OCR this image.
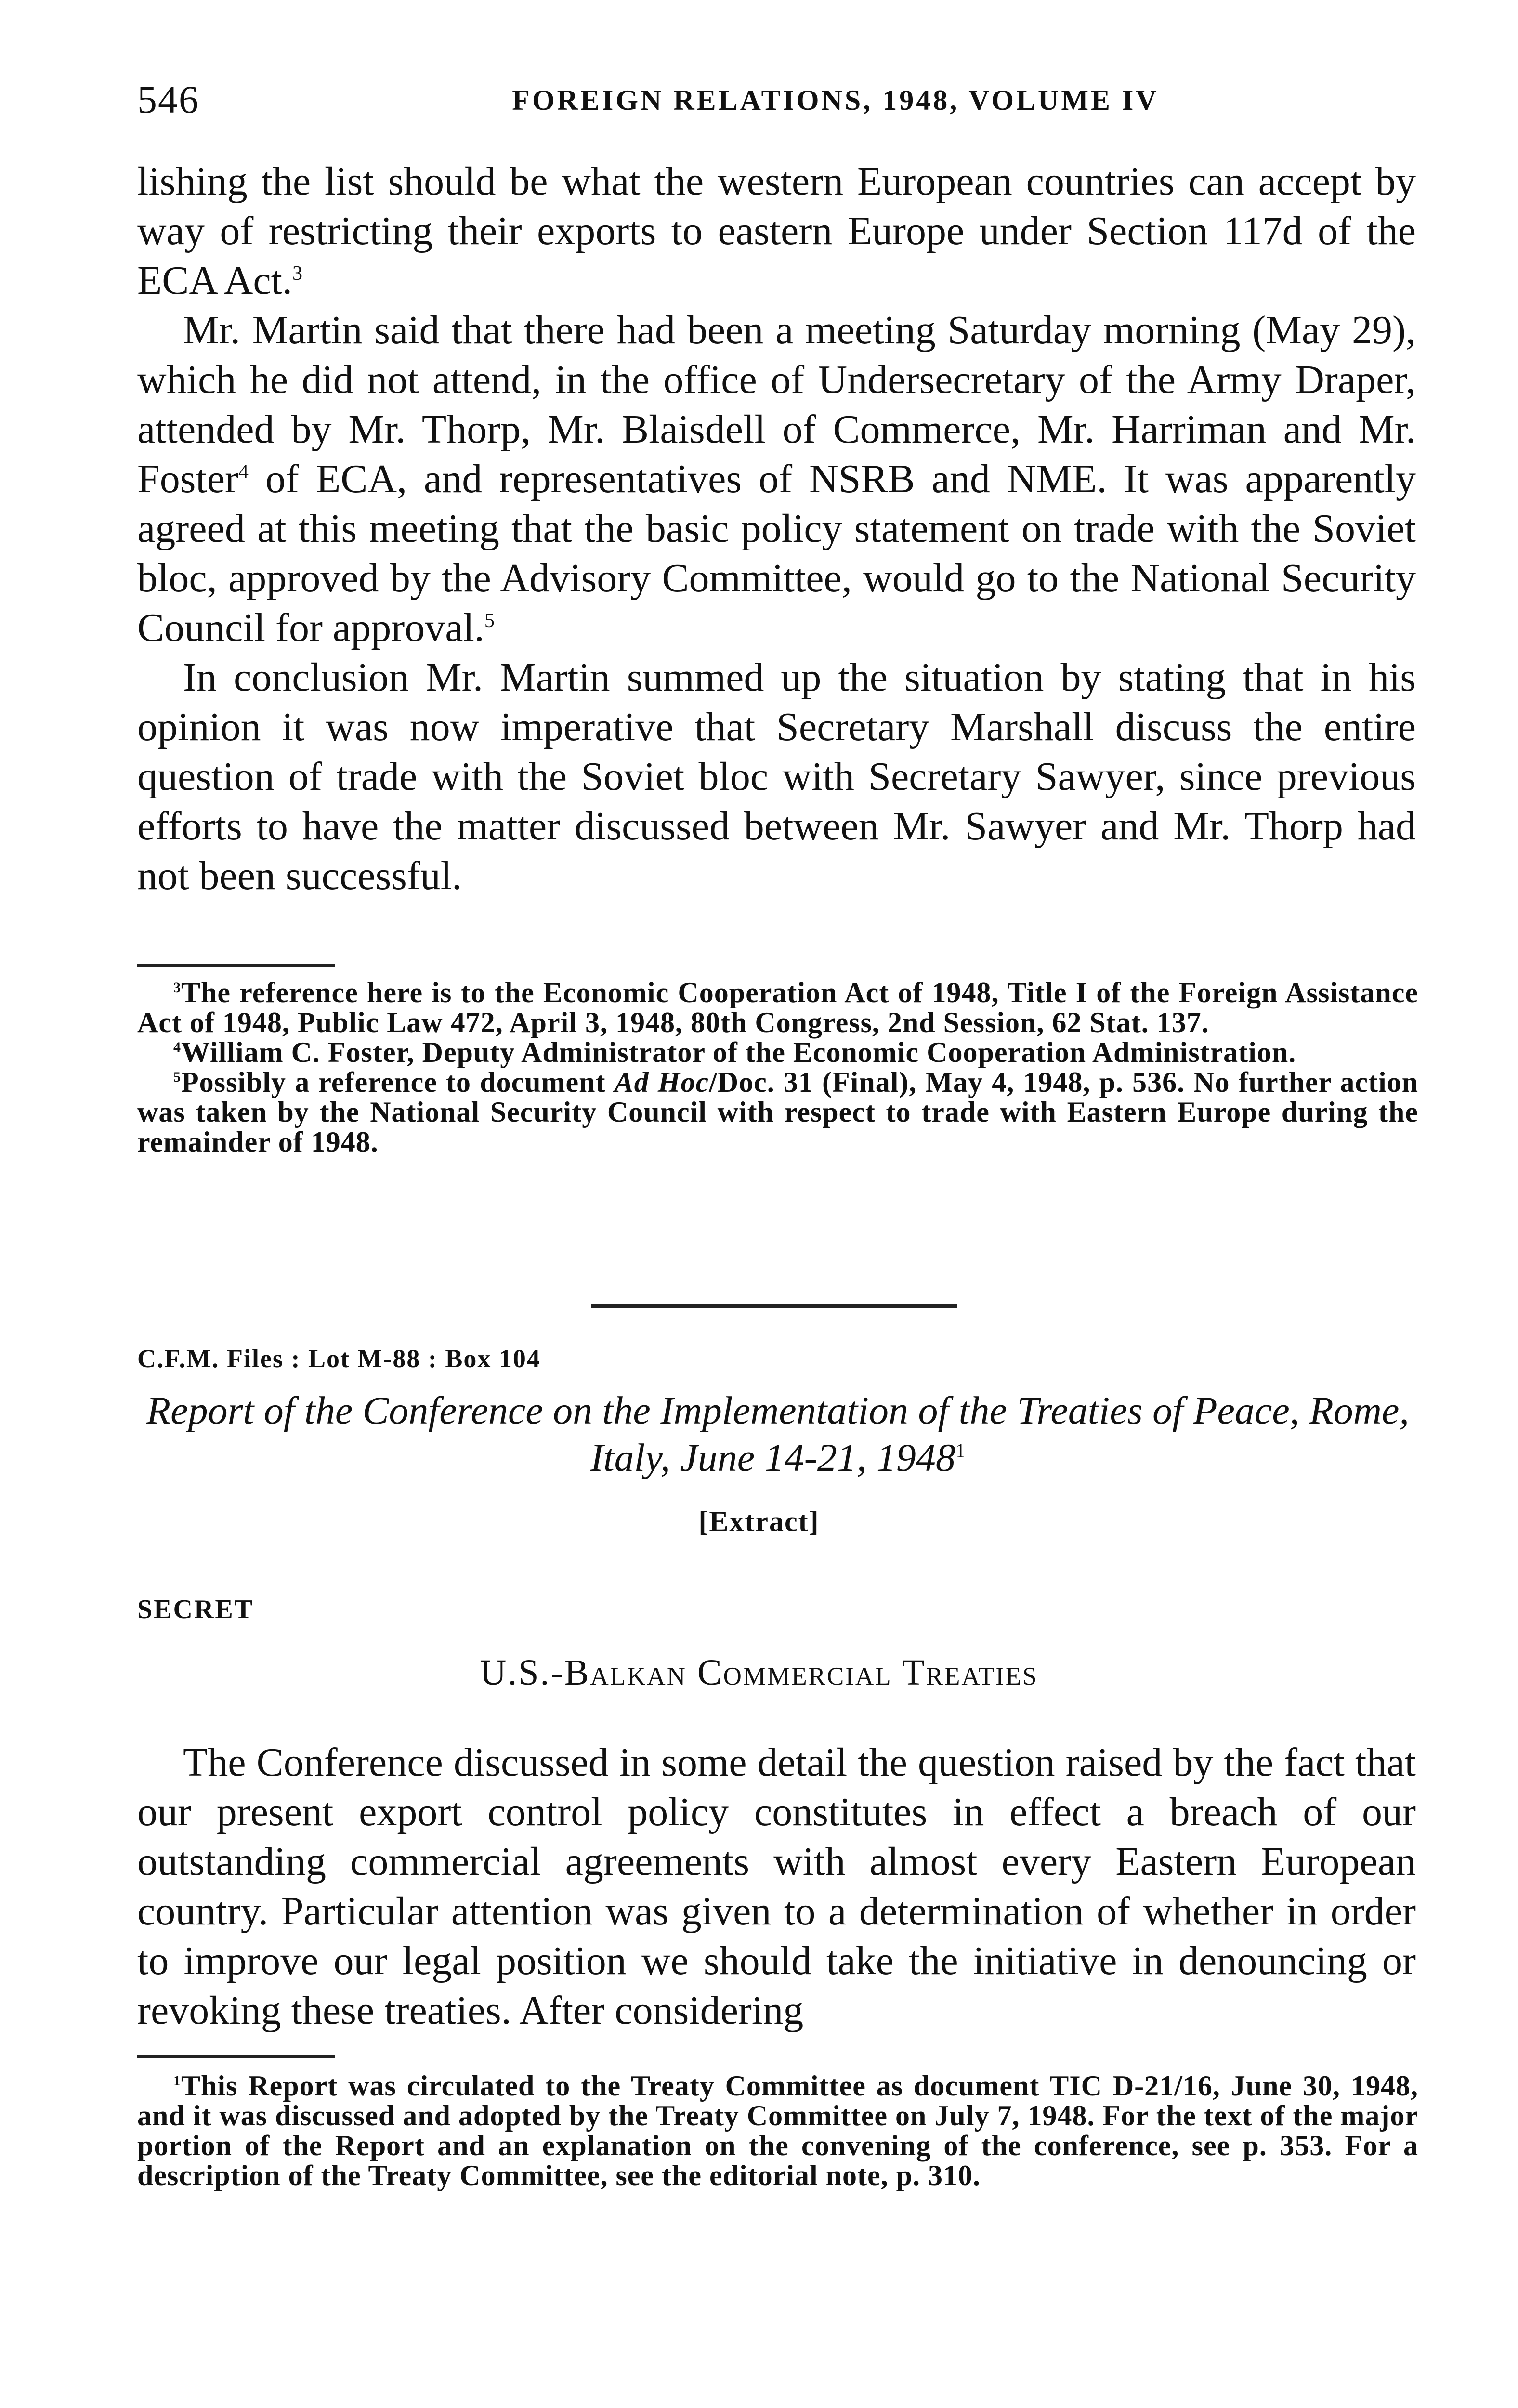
546	FOREIGN RELATIONS, 1948, VOLUME IV

lishing the list should be what the western European countries can accept by way of restricting their exports to eastern Europe under Section 117d of the ECA Act.$^3$

Mr. Martin said that there had been a meeting Saturday morning (May 29), which he did not attend, in the office of Undersecretary of the Army Draper, attended by Mr. Thorp, Mr. Blaisdell of Commerce, Mr. Harriman and Mr. Foster$^4$ of ECA, and representatives of NSRB and NME. It was apparently agreed at this meeting that the basic policy statement on trade with the Soviet bloc, approved by the Advisory Committee, would go to the National Security Council for approval.$^5$

In conclusion Mr. Martin summed up the situation by stating that in his opinion it was now imperative that Secretary Marshall discuss the entire question of trade with the Soviet bloc with Secretary Sawyer, since previous efforts to have the matter discussed between Mr. Sawyer and Mr. Thorp had not been successful.

$^3$The reference here is to the Economic Cooperation Act of 1948, Title I of the Foreign Assistance Act of 1948, Public Law 472, April 3, 1948, 80th Congress, 2nd Session, 62 Stat. 137.

$^4$William C. Foster, Deputy Administrator of the Economic Cooperation Administration.

$^5$Possibly a reference to document Ad Hoc/Doc. 31 (Final), May 4, 1948, p. 536. No further action was taken by the National Security Council with respect to trade with Eastern Europe during the remainder of 1948.

C.F.M. Files : Lot M-88 : Box 104
Report of the Conference on the Implementation of the Treaties of Peace, Rome, Italy, June 14-21, 1948$^1$
[Extract]
SECRET
U.S.-Balkan Commercial Treaties

The Conference discussed in some detail the question raised by the fact that our present export control policy constitutes in effect a breach of our outstanding commercial agreements with almost every Eastern European country. Particular attention was given to a determination of whether in order to improve our legal position we should take the initiative in denouncing or revoking these treaties. After considering

$^1$This Report was circulated to the Treaty Committee as document TIC D-21/16, June 30, 1948, and it was discussed and adopted by the Treaty Committee on July 7, 1948. For the text of the major portion of the Report and an explanation on the convening of the conference, see p. 353. For a description of the Treaty Committee, see the editorial note, p. 310.
